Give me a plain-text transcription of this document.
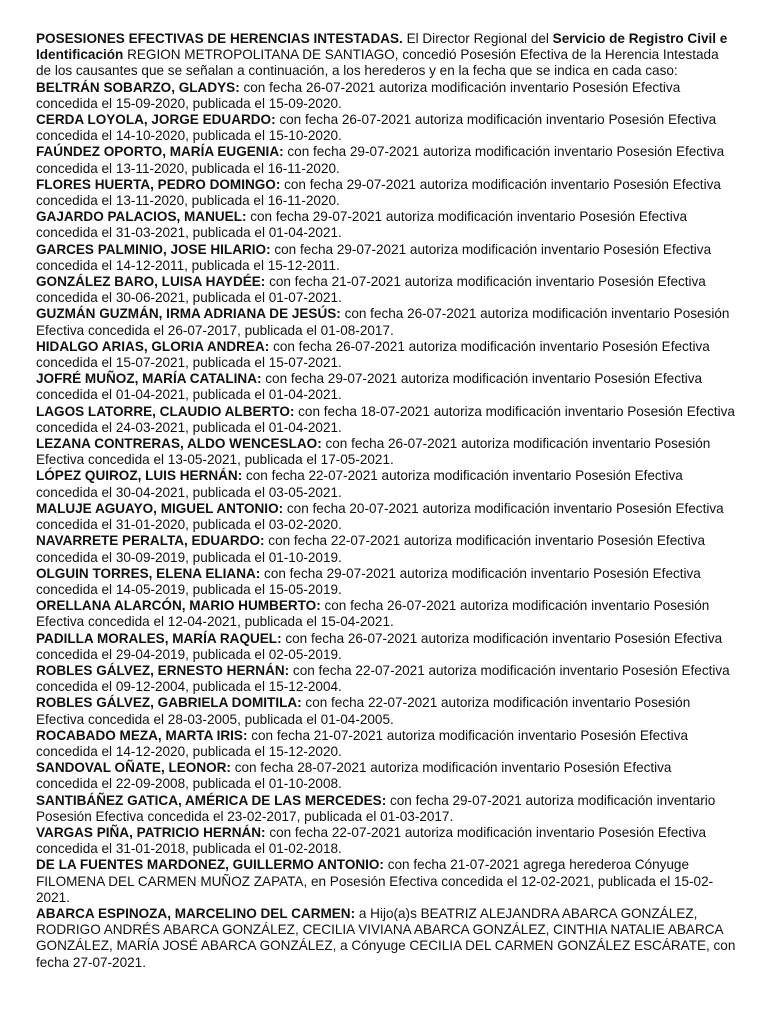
POSESIONES EFECTIVAS DE HERENCIAS INTESTADAS. El Director Regional del Servicio de Registro Civil e Identificación REGION METROPOLITANA DE SANTIAGO, concedió Posesión Efectiva de la Herencia Intestada de los causantes que se señalan a continuación, a los herederos y en la fecha que se indica en cada caso:

BELTRÁN SOBARZO, GLADYS: con fecha 26-07-2021 autoriza modificación inventario Posesión Efectiva concedida el 15-09-2020, publicada el 15-09-2020.

CERDA LOYOLA, JORGE EDUARDO: con fecha 26-07-2021 autoriza modificación inventario Posesión Efectiva concedida el 14-10-2020, publicada el 15-10-2020.

FAÚNDEZ OPORTO, MARÍA EUGENIA: con fecha 29-07-2021 autoriza modificación inventario Posesión Efectiva concedida el 13-11-2020, publicada el 16-11-2020.

FLORES HUERTA, PEDRO DOMINGO: con fecha 29-07-2021 autoriza modificación inventario Posesión Efectiva concedida el 13-11-2020, publicada el 16-11-2020.

GAJARDO PALACIOS, MANUEL: con fecha 29-07-2021 autoriza modificación inventario Posesión Efectiva concedida el 31-03-2021, publicada el 01-04-2021.

GARCES PALMINIO, JOSE HILARIO: con fecha 29-07-2021 autoriza modificación inventario Posesión Efectiva concedida el 14-12-2011, publicada el 15-12-2011.

GONZÁLEZ BARO, LUISA HAYDÉE: con fecha 21-07-2021 autoriza modificación inventario Posesión Efectiva concedida el 30-06-2021, publicada el 01-07-2021.

GUZMÁN GUZMÁN, IRMA ADRIANA DE JESÚS: con fecha 26-07-2021 autoriza modificación inventario Posesión Efectiva concedida el 26-07-2017, publicada el 01-08-2017.

HIDALGO ARIAS, GLORIA ANDREA: con fecha 26-07-2021 autoriza modificación inventario Posesión Efectiva concedida el 15-07-2021, publicada el 15-07-2021.

JOFRÉ MUÑOZ, MARÍA CATALINA: con fecha 29-07-2021 autoriza modificación inventario Posesión Efectiva concedida el 01-04-2021, publicada el 01-04-2021.

LAGOS LATORRE, CLAUDIO ALBERTO: con fecha 18-07-2021 autoriza modificación inventario Posesión Efectiva concedida el 24-03-2021, publicada el 01-04-2021.

LEZANA CONTRERAS, ALDO WENCESLAO: con fecha 26-07-2021 autoriza modificación inventario Posesión Efectiva concedida el 13-05-2021, publicada el 17-05-2021.

LÓPEZ QUIROZ, LUIS HERNÁN: con fecha 22-07-2021 autoriza modificación inventario Posesión Efectiva concedida el 30-04-2021, publicada el 03-05-2021.

MALUJE AGUAYO, MIGUEL ANTONIO: con fecha 20-07-2021 autoriza modificación inventario Posesión Efectiva concedida el 31-01-2020, publicada el 03-02-2020.

NAVARRETE PERALTA, EDUARDO: con fecha 22-07-2021 autoriza modificación inventario Posesión Efectiva concedida el 30-09-2019, publicada el 01-10-2019.

OLGUIN TORRES, ELENA ELIANA: con fecha 29-07-2021 autoriza modificación inventario Posesión Efectiva concedida el 14-05-2019, publicada el 15-05-2019.

ORELLANA ALARCÓN, MARIO HUMBERTO: con fecha 26-07-2021 autoriza modificación inventario Posesión Efectiva concedida el 12-04-2021, publicada el 15-04-2021.

PADILLA MORALES, MARÍA RAQUEL: con fecha 26-07-2021 autoriza modificación inventario Posesión Efectiva concedida el 29-04-2019, publicada el 02-05-2019.

ROBLES GÁLVEZ, ERNESTO HERNÁN: con fecha 22-07-2021 autoriza modificación inventario Posesión Efectiva concedida el 09-12-2004, publicada el 15-12-2004.

ROBLES GÁLVEZ, GABRIELA DOMITILA: con fecha 22-07-2021 autoriza modificación inventario Posesión Efectiva concedida el 28-03-2005, publicada el 01-04-2005.

ROCABADO MEZA, MARTA IRIS: con fecha 21-07-2021 autoriza modificación inventario Posesión Efectiva concedida el 14-12-2020, publicada el 15-12-2020.

SANDOVAL OÑATE, LEONOR: con fecha 28-07-2021 autoriza modificación inventario Posesión Efectiva concedida el 22-09-2008, publicada el 01-10-2008.

SANTIBÁÑEZ GATICA, AMÉRICA DE LAS MERCEDES: con fecha 29-07-2021 autoriza modificación inventario Posesión Efectiva concedida el 23-02-2017, publicada el 01-03-2017.

VARGAS PIÑA, PATRICIO HERNÁN: con fecha 22-07-2021 autoriza modificación inventario Posesión Efectiva concedida el 31-01-2018, publicada el 01-02-2018.

DE LA FUENTES MARDONEZ, GUILLERMO ANTONIO: con fecha 21-07-2021 agrega herederoa Cónyuge FILOMENA DEL CARMEN MUÑOZ ZAPATA, en Posesión Efectiva concedida el 12-02-2021, publicada el 15-02-2021.

ABARCA ESPINOZA, MARCELINO DEL CARMEN: a Hijo(a)s BEATRIZ ALEJANDRA ABARCA GONZÁLEZ, RODRIGO ANDRÉS ABARCA GONZÁLEZ, CECILIA VIVIANA ABARCA GONZÁLEZ, CINTHIA NATALIE ABARCA GONZÁLEZ, MARÍA JOSÉ ABARCA GONZÁLEZ, a Cónyuge CECILIA DEL CARMEN GONZÁLEZ ESCÁRATE, con fecha 27-07-2021.
